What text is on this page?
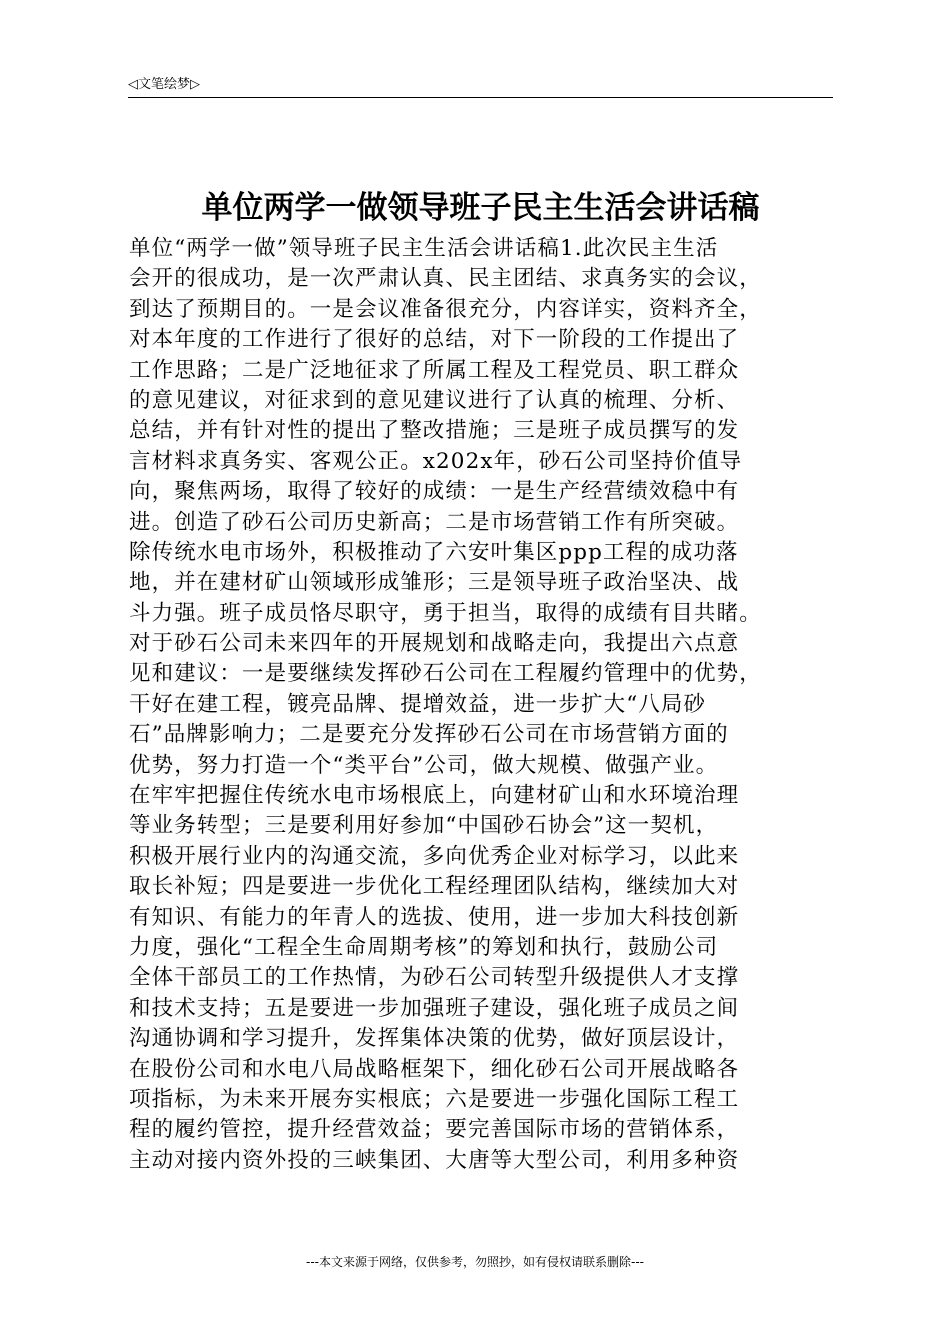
◁文笔绘梦▷
单位两学一做领导班子民主生活会讲话稿
单位“两学一做”领导班子民主生活会讲话稿1.此次民主生活
会开的很成功，是一次严肃认真、民主团结、求真务实的会议，
到达了预期目的。一是会议准备很充分，内容详实，资料齐全，
对本年度的工作进行了很好的总结，对下一阶段的工作提出了
工作思路；二是广泛地征求了所属工程及工程党员、职工群众
的意见建议，对征求到的意见建议进行了认真的梳理、分析、
总结，并有针对性的提出了整改措施；三是班子成员撰写的发
言材料求真务实、客观公正。x202x年，砂石公司坚持价值导
向，聚焦两场，取得了较好的成绩：一是生产经营绩效稳中有
进。创造了砂石公司历史新高；二是市场营销工作有所突破。
除传统水电市场外，积极推动了六安叶集区ppp工程的成功落
地，并在建材矿山领域形成雏形；三是领导班子政治坚决、战
斗力强。班子成员恪尽职守，勇于担当，取得的成绩有目共睹。
对于砂石公司未来四年的开展规划和战略走向，我提出六点意
见和建议：一是要继续发挥砂石公司在工程履约管理中的优势，
干好在建工程，镀亮品牌、提增效益，进一步扩大“八局砂
石”品牌影响力；二是要充分发挥砂石公司在市场营销方面的
优势，努力打造一个“类平台”公司，做大规模、做强产业。
在牢牢把握住传统水电市场根底上，向建材矿山和水环境治理
等业务转型；三是要利用好参加“中国砂石协会”这一契机，
积极开展行业内的沟通交流，多向优秀企业对标学习，以此来
取长补短；四是要进一步优化工程经理团队结构，继续加大对
有知识、有能力的年青人的选拔、使用，进一步加大科技创新
力度，强化“工程全生命周期考核”的筹划和执行，鼓励公司
全体干部员工的工作热情，为砂石公司转型升级提供人才支撑
和技术支持；五是要进一步加强班子建设，强化班子成员之间
沟通协调和学习提升，发挥集体决策的优势，做好顶层设计，
在股份公司和水电八局战略框架下，细化砂石公司开展战略各
项指标，为未来开展夯实根底；六是要进一步强化国际工程工
程的履约管控，提升经营效益；要完善国际市场的营销体系，
主动对接内资外投的三峡集团、大唐等大型公司，利用多种资
---本文来源于网络，仅供参考，勿照抄，如有侵权请联系删除---
